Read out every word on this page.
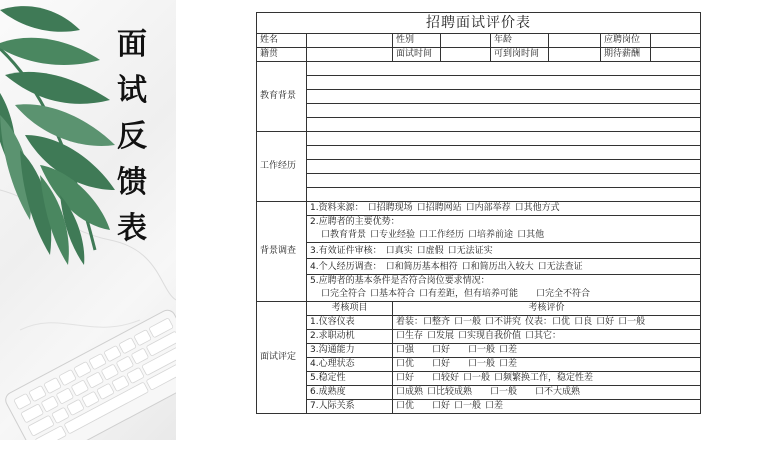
面
试
反
馈
表
招聘面试评价表							
姓名		性别		年龄		应聘岗位	
籍贯		面试时间		可到岗时间		期待薪酬	
教育背景							

工作经历							

背景调查	1.资料来源： 口招聘现场 口招聘网站 口内部举荐 口其他方式						
	2.应聘者的主要优势：						
	口教育背景 口专业经验 口工作经历 口培养前途 口其他						

	3.有效证件审核： 口真实 口虚假 口无法证实						

	4.个人经历调查： 口和简历基本相符 口和简历出入较大 口无法查证						
	5.应聘者的基本条件是否符合岗位要求情况：						
	口完全符合 口基本符合 口有差距，但有培养可能 口完全不符合						
面试评定	考核项目	考核评价					
	1.仪容仪表	着装：口整齐 口一般 口不讲究 仪表：口优 口良 口好 口一般					
	2.求职动机	口生存 口发展 口实现自我价值 口其它：					
	3.沟通能力	口强 口好 口一般 口差					
	4.心理状态	口优 口好 口一般 口差					
	5.稳定性	口好 口较好 口一般 口频繁换工作，稳定性差					
	6.成熟度	口成熟 口比较成熟 口一般 口不大成熟					
	7.人际关系	口优 口好 口一般 口差					
